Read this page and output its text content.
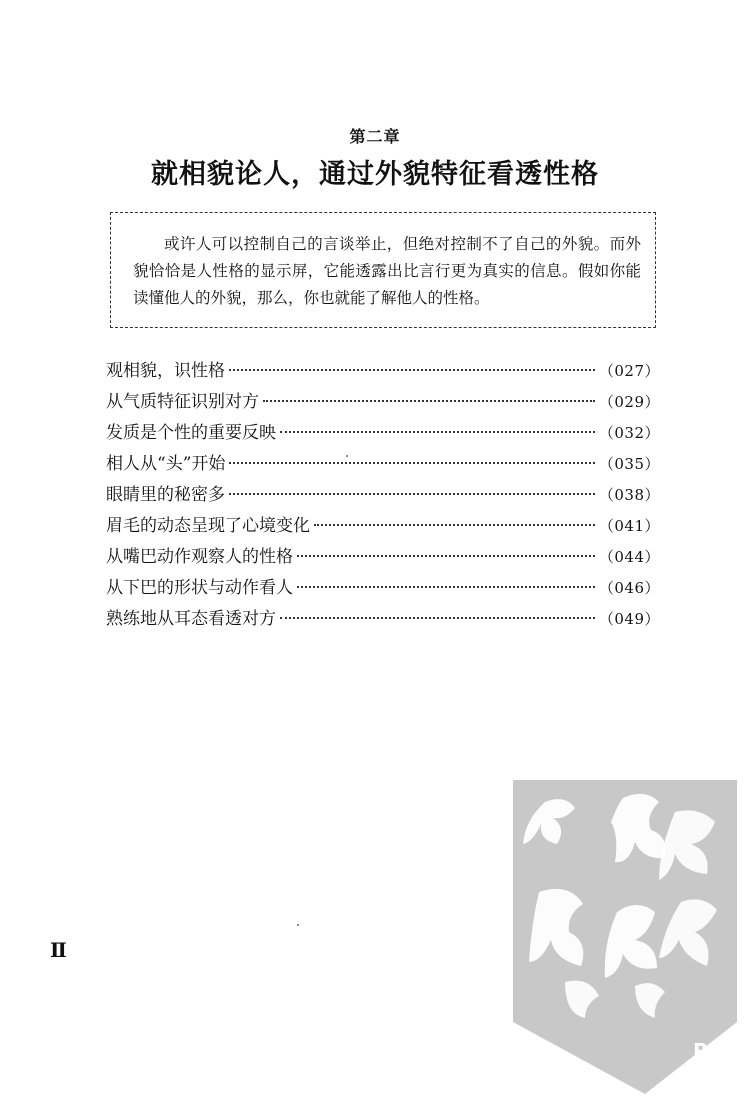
第二章
就相貌论人，通过外貌特征看透性格

或许人可以控制自己的言谈举止，但绝对控制不了自己的外貌。而外貌恰恰是人性格的显示屏，它能透露出比言行更为真实的信息。假如你能读懂他人的外貌，那么，你也就能了解他人的性格。

观相貌，识性格	（027）
从气质特征识别对方	（029）
发质是个性的重要反映	（032）
相人从“头”开始	（035）
眼睛里的秘密多	（038）
眉毛的动态呈现了心境变化	（041）
从嘴巴动作观察人的性格	（044）
从下巴的形状与动作看人	（046）
熟练地从耳态看透对方	（049）
Ⅱ
PDG
